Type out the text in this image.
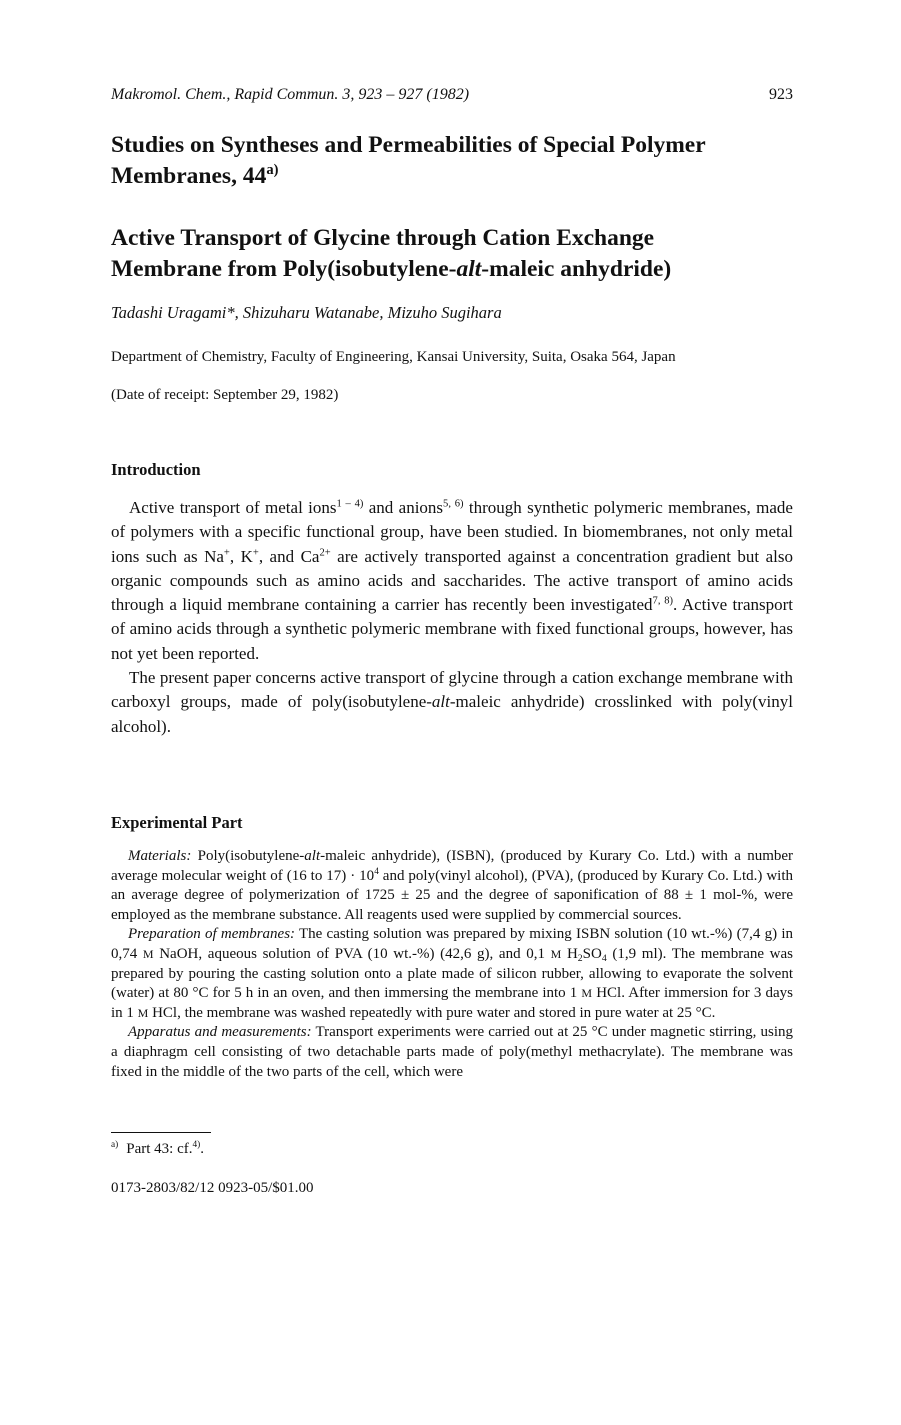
Makromol. Chem., Rapid Commun. 3, 923 – 927 (1982)	923
Studies on Syntheses and Permeabilities of Special Polymer
Membranes, 44$^{a)}$
Active Transport of Glycine through Cation Exchange
Membrane from Poly(isobutylene-alt-maleic anhydride)
Tadashi Uragami*, Shizuharu Watanabe, Mizuho Sugihara
Department of Chemistry, Faculty of Engineering, Kansai University, Suita, Osaka 564, Japan
(Date of receipt: September 29, 1982)
Introduction

Active transport of metal ions$^{1 - 4)}$ and anions$^{5, 6)}$ through synthetic polymeric membranes, made of polymers with a specific functional group, have been studied. In biomembranes, not only metal ions such as Na+, K+, and $Ca^{2+}$ are actively transported against a concentration gradient but also organic compounds such as amino acids and saccharides. The active transport of amino acids through a liquid membrane containing a carrier has recently been investigated$^{7, 8)}$. Active transport of amino acids through a synthetic polymeric membrane with fixed functional groups, however, has not yet been reported.

The present paper concerns active transport of glycine through a cation exchange membrane with carboxyl groups, made of poly(isobutylene-alt-maleic anhydride) crosslinked with poly(vinyl alcohol).

Experimental Part

Materials: Poly(isobutylene-alt-maleic anhydride), (ISBN), (produced by Kurary Co. Ltd.) with a number average molecular weight of (16 to $17) \cdot 10^4$ and poly(vinyl alcohol), (PVA), (produced by Kurary Co. Ltd.) with an average degree of polymerization of 1725 ± 25 and the degree of saponification of 88 ± 1 mol-%, were employed as the membrane substance. All reagents used were supplied by commercial sources.

Preparation of membranes: The casting solution was prepared by mixing ISBN solution (10 wt.-%) (7,4 g) in 0,74 M NaOH, aqueous solution of PVA (10 wt.-%) (42,6 g), and 0,1 M $H_2SO_4$ (1,9 ml). The membrane was prepared by pouring the casting solution onto a plate made of silicon rubber, allowing to evaporate the solvent (water) at 80 °C for 5 h in an oven, and then immersing the membrane into 1 M HCl. After immersion for 3 days in 1 M HCl, the membrane was washed repeatedly with pure water and stored in pure water at 25 °C.

Apparatus and measurements: Transport experiments were carried out at 25 °C under magnetic stirring, using a diaphragm cell consisting of two detachable parts made of poly(methyl methacrylate). The membrane was fixed in the middle of the two parts of the cell, which were

$^{a)}$ Part 43: cf.$^{4)}$.
0173-2803/82/12 0923-05/$01.00
